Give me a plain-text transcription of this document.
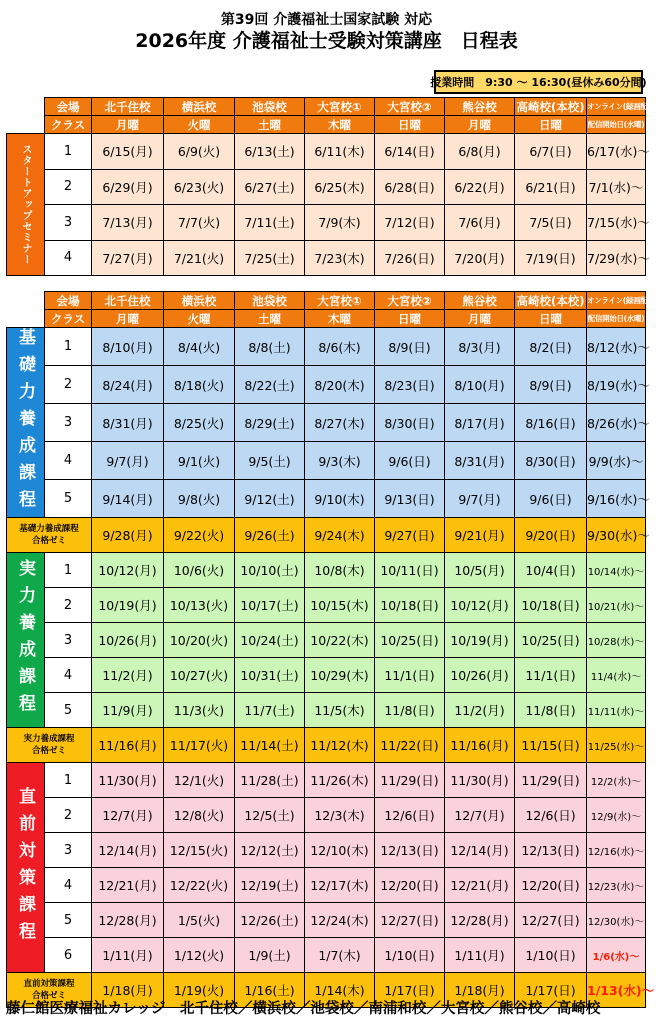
第39回 介護福祉士国家試験 対応
2026年度 介護福祉士受験対策講座　日程表
授業時間　9:30 ～ 16:30(昼休み60分間)
	会場	北千住校	横浜校	池袋校	大宮校①	大宮校②	熊谷校	高崎校(本校)	オンライン(録画配信)
	クラス	月曜	火曜	土曜	木曜	日曜	月曜	日曜	配信開始日(水曜)

スタートアップセミナー	1	6/15(月)	6/9(火)	6/13(土)	6/11(木)	6/14(日)	6/8(月)	6/7(日)	6/17(水)～
	2	6/29(月)	6/23(火)	6/27(土)	6/25(木)	6/28(日)	6/22(月)	6/21(日)	7/1(水)～
	3	7/13(月)	7/7(火)	7/11(土)	7/9(木)	7/12(日)	7/6(月)	7/5(日)	7/15(水)～
	4	7/27(月)	7/21(火)	7/25(土)	7/23(木)	7/26(日)	7/20(月)	7/19(日)	7/29(水)～
	会場	北千住校	横浜校	池袋校	大宮校①	大宮校②	熊谷校	高崎校(本校)	オンライン(録画配信)
	クラス	月曜	火曜	土曜	木曜	日曜	月曜	日曜	配信開始日(水曜)

基礎力養成課程	1	8/10(月)	8/4(火)	8/8(土)	8/6(木)	8/9(日)	8/3(月)	8/2(日)	8/12(水)～
	2	8/24(月)	8/18(火)	8/22(土)	8/20(木)	8/23(日)	8/10(月)	8/9(日)	8/19(水)～
	3	8/31(月)	8/25(火)	8/29(土)	8/27(木)	8/30(日)	8/17(月)	8/16(日)	8/26(水)～
	4	9/7(月)	9/1(火)	9/5(土)	9/3(木)	9/6(日)	8/31(月)	8/30(日)	9/9(水)～
	5	9/14(月)	9/8(火)	9/12(土)	9/10(木)	9/13(日)	9/7(月)	9/6(日)	9/16(水)～

基礎力養成課程
合格ゼミ		9/28(月)	9/22(火)	9/26(土)	9/24(木)	9/27(日)	9/21(月)	9/20(日)	9/30(水)～

実力養成課程	1	10/12(月)	10/6(火)	10/10(土)	10/8(木)	10/11(日)	10/5(月)	10/4(日)	10/14(水)～
	2	10/19(月)	10/13(火)	10/17(土)	10/15(木)	10/18(日)	10/12(月)	10/18(日)	10/21(水)～
	3	10/26(月)	10/20(火)	10/24(土)	10/22(木)	10/25(日)	10/19(月)	10/25(日)	10/28(水)～
	4	11/2(月)	10/27(火)	10/31(土)	10/29(木)	11/1(日)	10/26(月)	11/1(日)	11/4(水)～
	5	11/9(月)	11/3(火)	11/7(土)	11/5(木)	11/8(日)	11/2(月)	11/8(日)	11/11(水)～

実力養成課程
合格ゼミ		11/16(月)	11/17(火)	11/14(土)	11/12(木)	11/22(日)	11/16(月)	11/15(日)	11/25(水)～

直前対策課程	1	11/30(月)	12/1(火)	11/28(土)	11/26(木)	11/29(日)	11/30(月)	11/29(日)	12/2(水)～
	2	12/7(月)	12/8(火)	12/5(土)	12/3(木)	12/6(日)	12/7(月)	12/6(日)	12/9(水)～
	3	12/14(月)	12/15(火)	12/12(土)	12/10(木)	12/13(日)	12/14(月)	12/13(日)	12/16(水)～
	4	12/21(月)	12/22(火)	12/19(土)	12/17(木)	12/20(日)	12/21(月)	12/20(日)	12/23(水)～
	5	12/28(月)	1/5(火)	12/26(土)	12/24(木)	12/27(日)	12/28(月)	12/27(日)	12/30(水)～
	6	1/11(月)	1/12(火)	1/9(土)	1/7(木)	1/10(日)	1/11(月)	1/10(日)	1/6(水)～

直前対策課程
合格ゼミ		1/18(月)	1/19(火)	1/16(土)	1/14(木)	1/17(日)	1/18(月)	1/17(日)	1/13(水)～
藤仁館医療福祉カレッジ　北千住校／横浜校／池袋校／南浦和校／大宮校／熊谷校／高崎校
